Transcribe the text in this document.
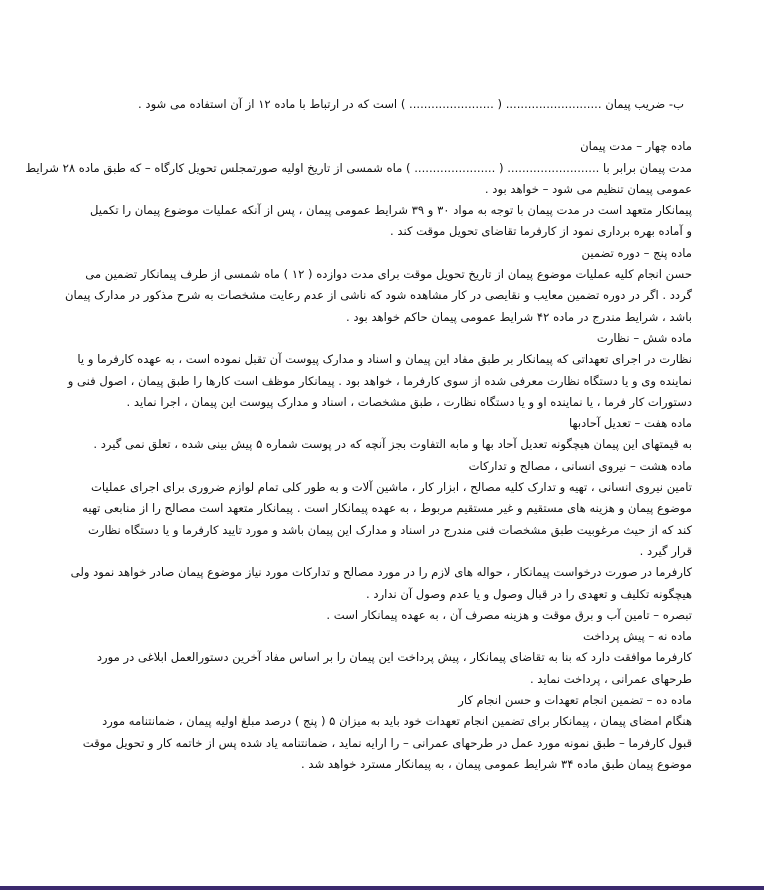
ب- ضریب پیمان .......................... ( ....................... ) است که در ارتباط با ماده ۱۲ از آن استفاده می شود .
ماده چهار – مدت پیمان
مدت پیمان برابر با ......................... ( ...................... ) ماه شمسی از تاریخ اولیه صورتمجلس تحویل کارگاه – که طبق ماده ۲۸ شرایط
عمومی پیمان تنظیم می شود – خواهد بود .
پیمانکار متعهد است در مدت پیمان با توجه به مواد ۳۰ و ۳۹ شرایط عمومی پیمان ، پس از آنکه عملیات موضوع پیمان را تکمیل
و آماده بهره برداری نمود از کارفرما تقاضای تحویل موقت کند .
ماده پنج – دوره تضمین
حسن انجام کلیه عملیات موضوع پیمان از تاریخ تحویل موقت برای مدت دوازده ( ۱۲ ) ماه شمسی از طرف پیمانکار تضمین می
گردد . اگر در دوره تضمین معایب و نقایصی در کار مشاهده شود که ناشی از عدم رعایت مشخصات به شرح مذکور در مدارک پیمان
باشد ، شرایط مندرج در ماده ۴۲ شرایط عمومی پیمان حاکم خواهد بود .
ماده شش – نظارت
نظارت در اجرای تعهداتی که پیمانکار بر طبق مفاد این پیمان و اسناد و مدارک پیوست آن تقبل نموده است ، به عهده کارفرما و یا
نماینده وی و یا دستگاه نظارت معرفی شده از سوی کارفرما ، خواهد بود . پیمانکار موظف است کارها را طبق پیمان ، اصول فنی و
دستورات کار فرما ، یا نماینده او و یا دستگاه نظارت ، طبق مشخصات ، اسناد و مدارک پیوست این پیمان ، اجرا نماید .
ماده هفت – تعدیل آحادبها
به قیمتهای این پیمان هیچگونه تعدیل آحاد بها و مابه التفاوت بجز آنچه که در پوست شماره ۵ پیش بینی شده ، تعلق نمی گیرد .
ماده هشت – نیروی انسانی ، مصالح و تدارکات
تامین نیروی انسانی ، تهیه و تدارک کلیه مصالح ، ابزار کار ، ماشین آلات و به طور کلی تمام لوازم ضروری برای اجرای عملیات
موضوع پیمان و هزینه های مستقیم و غیر مستقیم مربوط ، به عهده پیمانکار است . پیمانکار متعهد است مصالح را از منابعی تهیه
کند که از حیث مرغوبیت طبق مشخصات فنی مندرج در اسناد و مدارک این پیمان باشد و مورد تایید کارفرما و یا دستگاه نظارت
قرار گیرد .
کارفرما در صورت درخواست پیمانکار ، حواله های لازم را در مورد مصالح و تدارکات مورد نیاز موضوع پیمان صادر خواهد نمود ولی
هیچگونه تکلیف و تعهدی را در قبال وصول و یا عدم وصول آن ندارد .
تبصره – تامین آب و برق موقت و هزینه مصرف آن ، به عهده پیمانکار است .
ماده نه – پیش پرداخت
کارفرما موافقت دارد که بنا به تقاضای پیمانکار ، پیش پرداخت این پیمان را بر اساس مفاد آخرین دستورالعمل ابلاغی در مورد
طرحهای عمرانی ، پرداخت نماید .
ماده ده – تضمین انجام تعهدات و حسن انجام کار
هنگام امضای پیمان ، پیمانکار برای تضمین انجام تعهدات خود باید به میزان ۵ ( پنج ) درصد مبلغ اولیه پیمان ، ضمانتنامه مورد
قبول کارفرما – طبق نمونه مورد عمل در طرحهای عمرانی – را ارایه نماید ، ضمانتنامه یاد شده پس از خاتمه کار و تحویل موقت
موضوع پیمان طبق ماده ۳۴ شرایط عمومی پیمان ، به پیمانکار مسترد خواهد شد .
